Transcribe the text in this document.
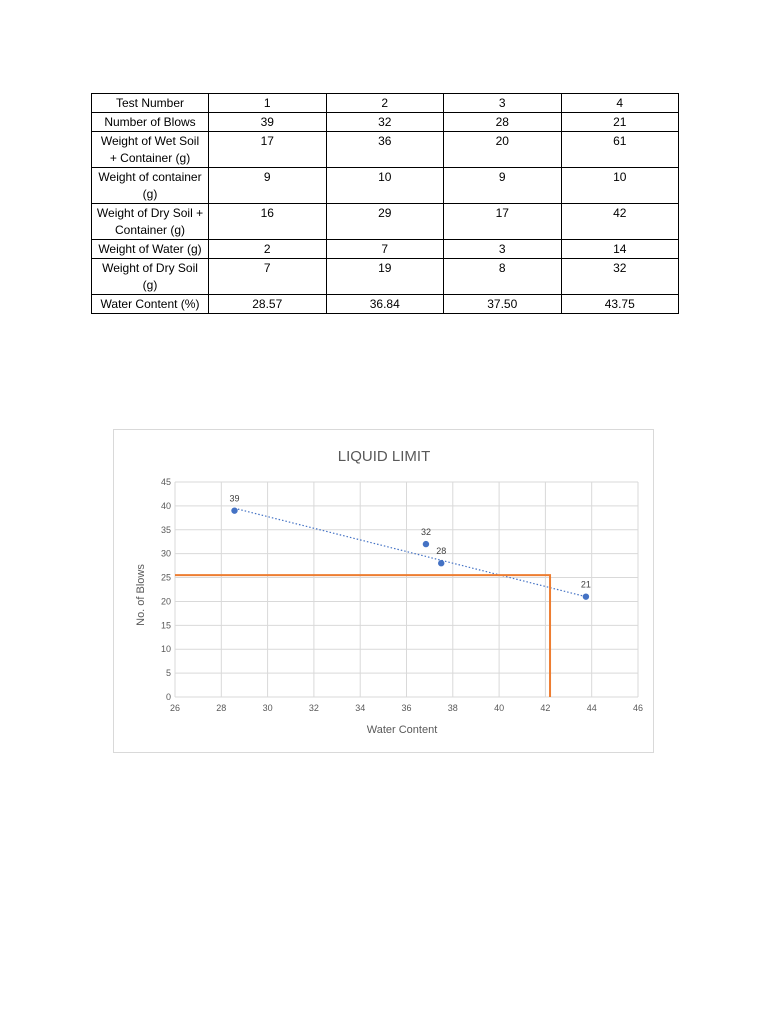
Test Number	1	2	3	4
Number of Blows	39	32	28	21
Weight of Wet Soil + Container (g)	17	36	20	61
Weight of container (g)	9	10	9	10
Weight of Dry Soil + Container (g)	16	29	17	42
Weight of Water (g)	2	7	3	14
Weight of Dry Soil (g)	7	19	8	32
Water Content (%)	28.57	36.84	37.50	43.75
LIQUID LIMIT
Water Content
No. of Blows
26	28	30	32	34	36	38	40	42	44	46
0
5
10
15
20
25
30
35
40
45
39
32
28
21
